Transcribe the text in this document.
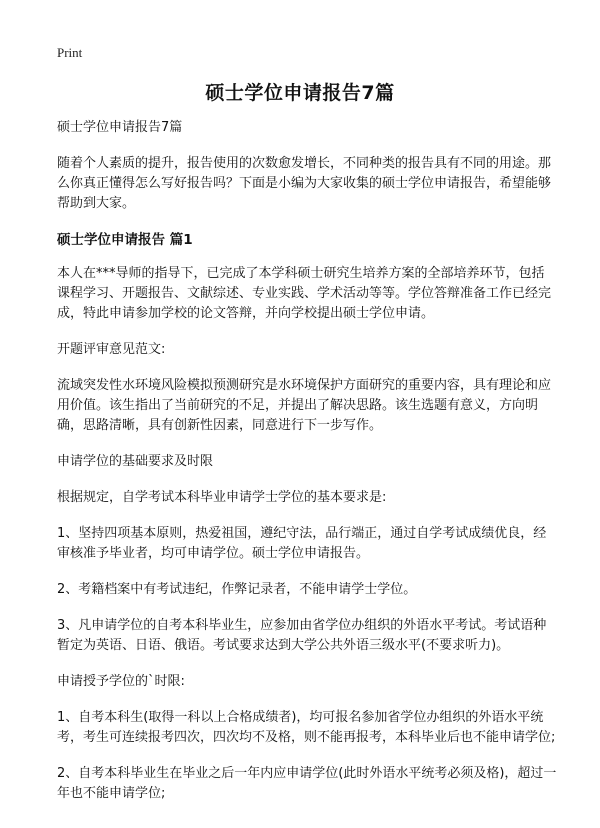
Print
硕士学位申请报告7篇

硕士学位申请报告7篇

随着个人素质的提升，报告使用的次数愈发增长，不同种类的报告具有不同的用途。那么你真正懂得怎么写好报告吗？下面是小编为大家收集的硕士学位申请报告，希望能够帮助到大家。

硕士学位申请报告 篇1

本人在***导师的指导下，已完成了本学科硕士研究生培养方案的全部培养环节，包括课程学习、开题报告、文献综述、专业实践、学术活动等等。学位答辩准备工作已经完成，特此申请参加学校的论文答辩，并向学校提出硕士学位申请。

开题评审意见范文:

流域突发性水环境风险模拟预测研究是水环境保护方面研究的重要内容，具有理论和应用价值。该生指出了当前研究的不足，并提出了解决思路。该生选题有意义，方向明确，思路清晰，具有创新性因素，同意进行下一步写作。

申请学位的基础要求及时限

根据规定，自学考试本科毕业申请学士学位的基本要求是:

1、坚持四项基本原则，热爱祖国，遵纪守法，品行端正，通过自学考试成绩优良，经审核准予毕业者，均可申请学位。硕士学位申请报告。

2、考籍档案中有考试违纪，作弊记录者，不能申请学士学位。

3、凡申请学位的自考本科毕业生，应参加由省学位办组织的外语水平考试。考试语种暂定为英语、日语、俄语。考试要求达到大学公共外语三级水平(不要求听力)。

申请授予学位的`时限:

1、自考本科生(取得一科以上合格成绩者)，均可报名参加省学位办组织的外语水平统考，考生可连续报考四次，四次均不及格，则不能再报考，本科毕业后也不能申请学位;

2、自考本科毕业生在毕业之后一年内应申请学位(此时外语水平统考必须及格)，超过一年也不能申请学位;
